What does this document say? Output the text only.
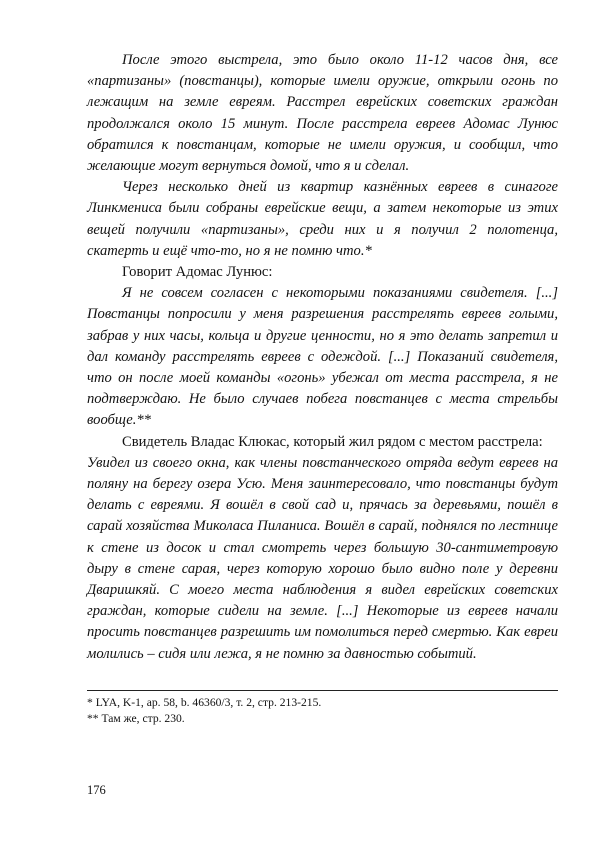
После этого выстрела, это было около 11-12 часов дня, все «партизаны» (повстанцы), которые имели оружие, открыли огонь по лежащим на земле евреям. Расстрел еврейских советских граждан продолжался около 15 минут. После расстрела евреев Адомас Лунюс обратился к повстанцам, которые не имели оружия, и сообщил, что желающие могут вернуться домой, что я и сделал.

Через несколько дней из квартир казнённых евреев в синагоге Линкмениса были собраны еврейские вещи, а затем некоторые из этих вещей получили «партизаны», среди них и я получил 2 полотенца, скатерть и ещё что-то, но я не помню что.*

Говорит Адомас Лунюс:

Я не совсем согласен с некоторыми показаниями свидетеля. [...] Повстанцы попросили у меня разрешения расстрелять евреев голыми, забрав у них часы, кольца и другие ценности, но я это делать запретил и дал команду расстрелять евреев с одеждой. [...] Показаний свидетеля, что он после моей команды «огонь» убежал от места расстрела, я не подтверждаю. Не было случаев побега повстанцев с места стрельбы вообще.**

Свидетель Владас Клюкас, который жил рядом с местом расстрела:

Увидел из своего окна, как члены повстанческого отряда ведут евреев на поляну на берегу озера Усю. Меня заинтересовало, что повстанцы будут делать с евреями. Я вошёл в свой сад и, прячась за деревьями, пошёл в сарай хозяйства Миколаса Пиланиса. Вошёл в сарай, поднялся по лестнице к стене из досок и стал смотреть через большую 30-сантиметровую дыру в стене сарая, через которую хорошо было видно поле у деревни Дваришкяй. С моего места наблюдения я видел еврейских советских граждан, которые сидели на земле. [...] Некоторые из евреев начали просить повстанцев разрешить им помолиться перед смертью. Как евреи молились – сидя или лежа, я не помню за давностью событий.

* LYA, K-1, ap. 58, b. 46360/3, т. 2, стр. 213-215.

** Там же, стр. 230.

176
